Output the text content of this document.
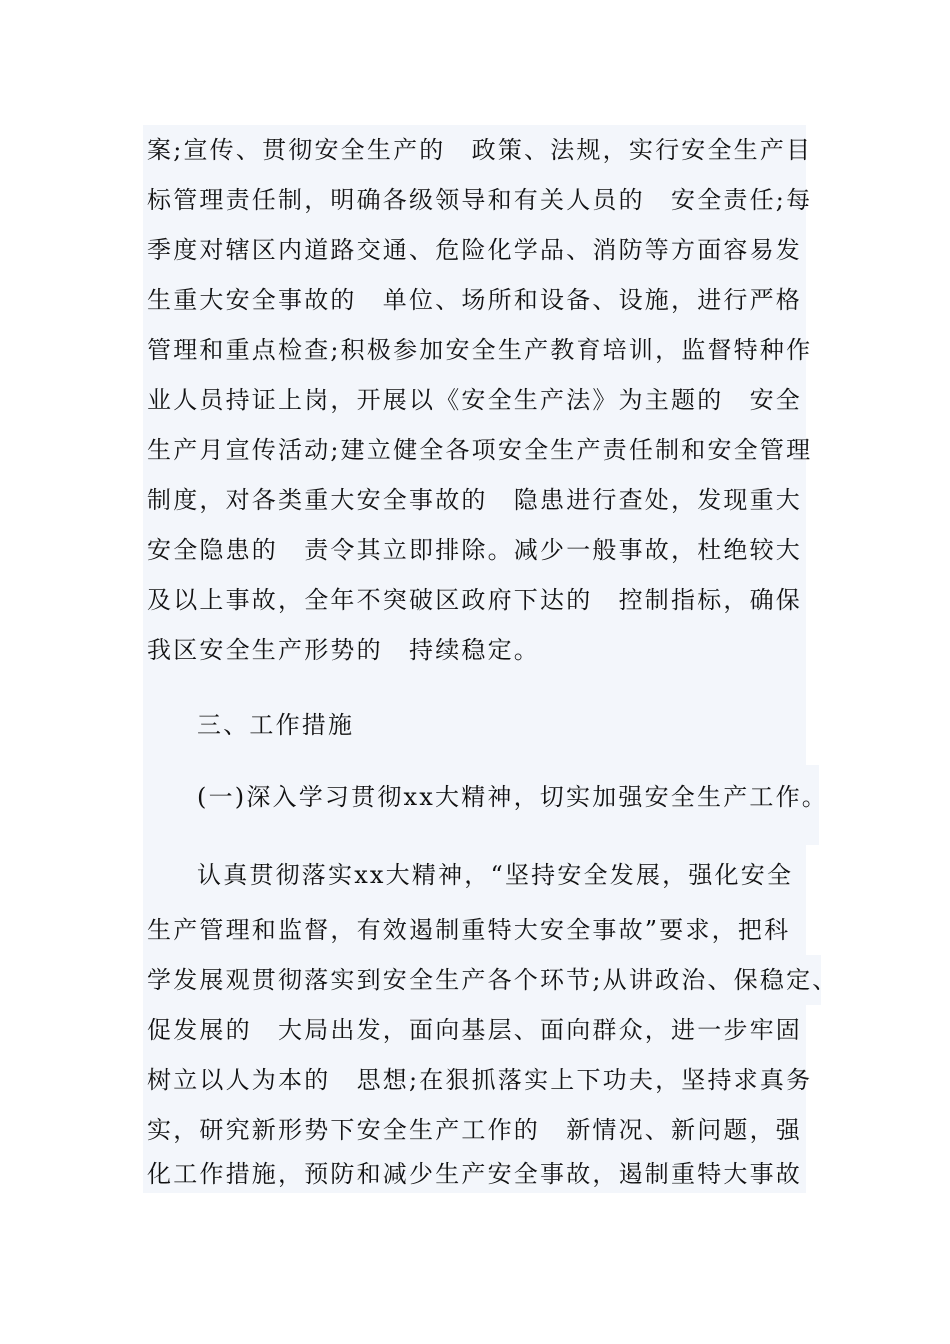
案;宣传、贯彻安全生产的　政策、法规，实行安全生产目
标管理责任制，明确各级领导和有关人员的　安全责任;每
季度对辖区内道路交通、危险化学品、消防等方面容易发
生重大安全事故的　单位、场所和设备、设施，进行严格
管理和重点检查;积极参加安全生产教育培训，监督特种作
业人员持证上岗，开展以《安全生产法》为主题的　安全
生产月宣传活动;建立健全各项安全生产责任制和安全管理
制度，对各类重大安全事故的　隐患进行查处，发现重大
安全隐患的　责令其立即排除。减少一般事故，杜绝较大
及以上事故，全年不突破区政府下达的　控制指标，确保
我区安全生产形势的　持续稳定。
三、工作措施
(一)深入学习贯彻xx大精神，切实加强安全生产工作。
认真贯彻落实xx大精神，“坚持安全发展，强化安全
生产管理和监督，有效遏制重特大安全事故”要求，把科
学发展观贯彻落实到安全生产各个环节;从讲政治、保稳定、
促发展的　大局出发，面向基层、面向群众，进一步牢固
树立以人为本的　思想;在狠抓落实上下功夫，坚持求真务
实，研究新形势下安全生产工作的　新情况、新问题，强
化工作措施，预防和减少生产安全事故，遏制重特大事故
